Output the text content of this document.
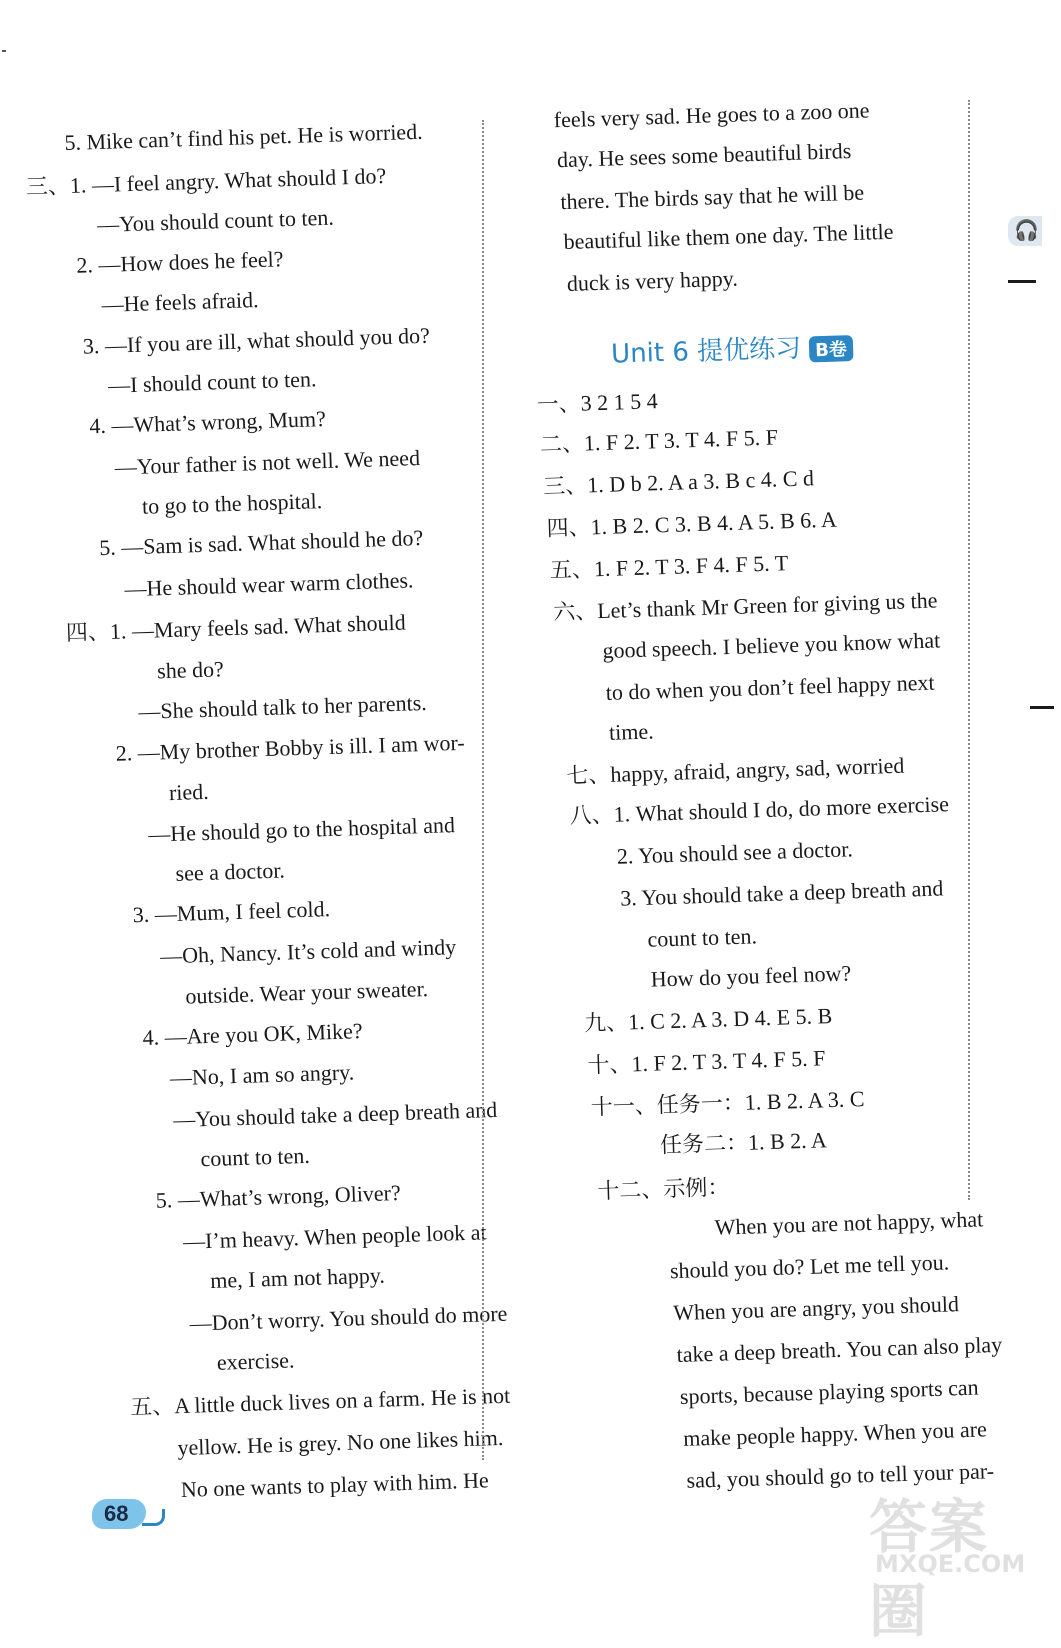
5. Mike can’t find his pet. He is worried.
三、1. —I feel angry. What should I do?
—You should count to ten.
2. —How does he feel?
—He feels afraid.
3. —If you are ill, what should you do?
—I should count to ten.
4. —What’s wrong, Mum?
—Your father is not well. We need
to go to the hospital.
5. —Sam is sad. What should he do?
—He should wear warm clothes.
四、1. —Mary feels sad. What should
she do?
—She should talk to her parents.
2. —My brother Bobby is ill. I am wor-
ried.
—He should go to the hospital and
see a doctor.
3. —Mum, I feel cold.
—Oh, Nancy. It’s cold and windy
outside. Wear your sweater.
4. —Are you OK, Mike?
—No, I am so angry.
—You should take a deep breath and
count to ten.
5. —What’s wrong, Oliver?
—I’m heavy. When people look at
me, I am not happy.
—Don’t worry. You should do more
exercise.
五、A little duck lives on a farm. He is not
yellow. He is grey. No one likes him.
No one wants to play with him. He
Unit 6 提优练习 B卷
feels very sad. He goes to a zoo one
day. He sees some beautiful birds
there. The birds say that he will be
beautiful like them one day. The little
duck is very happy.
一、3 2 1 5 4
二、1. F 2. T 3. T 4. F 5. F
三、1. D b 2. A a 3. B c 4. C d
四、1. B 2. C 3. B 4. A 5. B 6. A
五、1. F 2. T 3. F 4. F 5. T
六、Let’s thank Mr Green for giving us the
good speech. I believe you know what
to do when you don’t feel happy next
time.
七、happy, afraid, angry, sad, worried
八、1. What should I do, do more exercise
2. You should see a doctor.
3. You should take a deep breath and
count to ten.
How do you feel now?
九、1. C 2. A 3. D 4. E 5. B
十、1. F 2. T 3. T 4. F 5. F
十一、任务一：1. B 2. A 3. C
任务二：1. B 2. A
十二、示例：
When you are not happy, what
should you do? Let me tell you.
When you are angry, you should
take a deep breath. You can also play
sports, because playing sports can
make people happy. When you are
sad, you should go to tell your par-
🎧
68	答案圈
MXQE.COM
